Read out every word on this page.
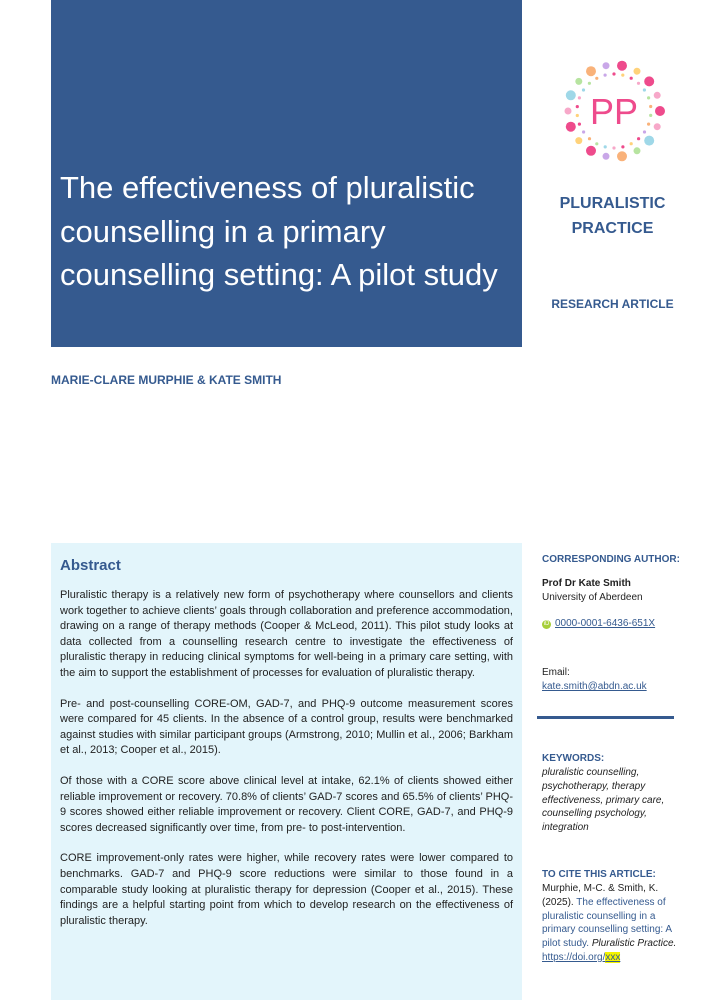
The effectiveness of pluralistic counselling in a primary counselling setting: A pilot study
PP
PLURALISTIC
PRACTICE
RESEARCH ARTICLE
MARIE-CLARE MURPHIE & KATE SMITH
Abstract

Pluralistic therapy is a relatively new form of psychotherapy where counsellors and clients work together to achieve clients’ goals through collaboration and preference accommodation, drawing on a range of therapy methods (Cooper & McLeod, 2011). This pilot study looks at data collected from a counselling research centre to investigate the effectiveness of pluralistic therapy in reducing clinical symptoms for well-being in a primary care setting, with the aim to support the establishment of processes for evaluation of pluralistic therapy.

Pre- and post-counselling CORE-OM, GAD-7, and PHQ-9 outcome measurement scores were compared for 45 clients. In the absence of a control group, results were benchmarked against studies with similar participant groups (Armstrong, 2010; Mullin et al., 2006; Barkham et al., 2013; Cooper et al., 2015).

Of those with a CORE score above clinical level at intake, 62.1% of clients showed either reliable improvement or recovery. 70.8% of clients’ GAD-7 scores and 65.5% of clients’ PHQ-9 scores showed either reliable improvement or recovery. Client CORE, GAD-7, and PHQ-9 scores decreased significantly over time, from pre- to post-intervention.

CORE improvement-only rates were higher, while recovery rates were lower compared to benchmarks. GAD-7 and PHQ-9 score reductions were similar to those found in a comparable study looking at pluralistic therapy for depression (Cooper et al., 2015). These findings are a helpful starting point from which to develop research on the effectiveness of pluralistic therapy.

CORRESPONDING AUTHOR:
Prof Dr Kate Smith
University of Aberdeen
iD 0000-0001-6436-651X
Email:
kate.smith@abdn.ac.uk
KEYWORDS:
pluralistic counselling, psychotherapy, therapy effectiveness, primary care, counselling psychology, integration
TO CITE THIS ARTICLE:
Murphie, M-C. & Smith, K. (2025). The effectiveness of pluralistic counselling in a primary counselling setting: A pilot study. Pluralistic Practice. https://doi.org/xxx
